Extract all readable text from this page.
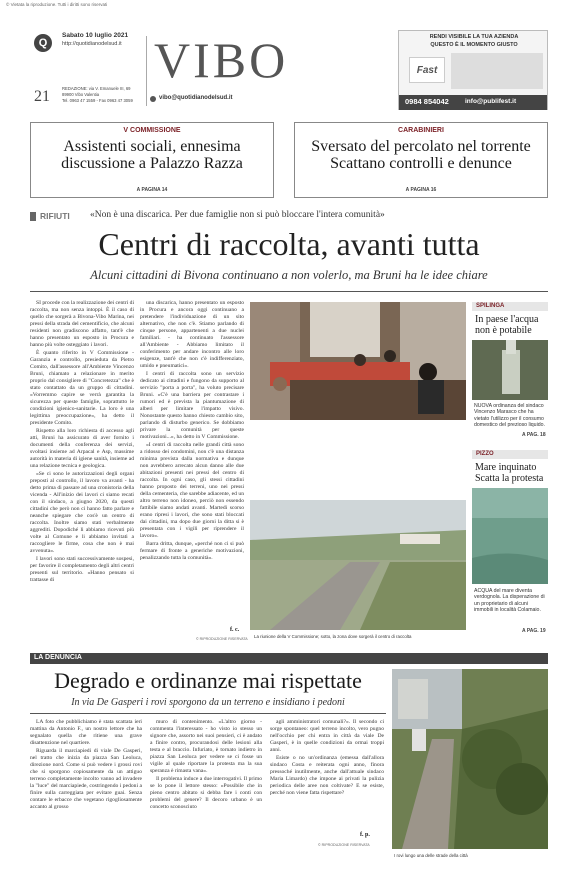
© Vietata la riproduzione. Tutti i diritti sono riservati
Q
Sabato 10 luglio 2021
http://quotidianodelsud.it VIBO
21	REDAZIONE: via V. Emanuele III, 69
89900 Vibo Valentia
Tel. 0963 47 1559 - Fax 0963 47 3059	vibo@quotidianodelsud.it
RENDI VISIBILE LA TUA AZIENDA
QUESTO È IL MOMENTO GIUSTO
Fast
0984 854042 info@publifest.it
V COMMISSIONE
Assistenti sociali, ennesima
discussione a Palazzo Razza
A PAGINA 14
CARABINIERI
Sversato del percolato nel torrente
Scattano controlli e denunce
A PAGINA 16
RIFIUTI «Non è una discarica. Per due famiglie non si può bloccare l'intera comunità»
Centri di raccolta, avanti tutta
Alcuni cittadini di Bivona continuano a non volerlo, ma Bruni ha le idee chiare

SI procede con la realizzazione dei centri di raccolta, ma non senza intoppi. È il caso di quello che sorgerà a Bivona-Vibo Marina, nei pressi della strada del cementificio, che alcuni residenti non gradiscono affatto, tant'è che hanno presentato un esposto in Procura e hanno più volte osteggiato i lavori.

È quanto riferito in V Commissione - Garanzia e controllo, presieduta da Pietro Comito, dall'assessore all'Ambiente Vincenzo Bruni, chiamato a relazionare in merito proprio dal consigliere di "Concretezza" che è stato contattato da un gruppo di cittadini. «Vorremmo capire se verrà garantita la sicurezza per queste famiglie, soprattutto le condizioni igienico-sanitarie. La loro è una legittima preoccupazione», ha detto il presidente Comito.

Rispetto alla loro richiesta di accesso agli atti, Bruni ha assicurato di aver fornito i documenti della conferenza dei servizi, svoltasi insieme ad Arpacal e Asp, massime autorità in materia di igiene sanità, insieme ad una relazione tecnica e geologica.

«Se ci sono le autorizzazioni degli organi preposti al controllo, il lavoro va avanti - ha detto prima di passare ad una cronistoria della vicenda - All'inizio dei lavori ci siamo recati con il sindaco, a giugno 2020, da questi cittadini che però non ci hanno fatto parlare e neanche spiegare che cos'è un centro di raccolta. Inoltre siamo stati verbalmente aggrediti. Dopodiché li abbiamo ricevuti più volte al Comune e li abbiamo invitati a raccogliere le firme, cosa che non è mai avvenuta».

I lavori sono stati successivamente sospesi, per favorire il completamento degli altri centri presenti sul territorio. «Hanno pensato si trattasse di

una discarica, hanno presentato un esposto in Procura e ancora oggi continuano a pretendere l'individuazione di un sito alternativo, che non c'è. Stiamo parlando di cinque persone, appartenenti a due nuclei familiari. - ha continuato l'assessore all'Ambiente - Abbiamo limitato il conferimento per andare incontro alle loro esigenze, tant'è che non c'è indifferenziato, umido e pneumatici».

I centri di raccolta sono un servizio dedicato ai cittadini e fungono da supporto al servizio "porta a porta", ha voluto precisare Bruni. «C'è una barriera per contrastare i rumori ed è prevista la piantumazione di alberi per limitare l'impatto visivo. Nonostante questo hanno chiesto cambio sito, parlando di disturbo generico. Se dobbiamo privare la comunità per queste motivazioni...», ha detto in V Commissione.

«I centri di raccolta nelle grandi città sono a ridosso dei condomini, non c'è una distanza minima prevista dalla normativa e dunque non avrebbero arrecato alcun danno alle due abitazioni presenti nei pressi del centro di raccolta. In ogni caso, gli stessi cittadini hanno proposto dei terreni, uno nei pressi della cementeria, che sarebbe adiacente, ed un altro terreno non idoneo, perciò non essendo fattibile siamo andati avanti. Martedì scorso erano ripresi i lavori, che sono stati bloccati dai cittadini, ma dopo due giorni la ditta si è presentata con i vigili per riprendere il lavoro».

Barra dritta, dunque, «perché non ci si può fermare di fronte a generiche motivazioni, penalizzando tutta la comunità».

f. c.
© RIPRODUZIONE RISERVATA La riunione della V Commissione; sotto, la zona dove sorgerà il centro di raccolta
SPILINGA
In paese l'acqua
non è potabile
NUOVA ordinanza del sindaco Vincenzo Marasco che ha vietato l'utilizzo per il consumo domestico del prezioso liquido.
A PAG. 18
PIZZO
Mare inquinato
Scatta la protesta
ACQUA del mare diventa verdognola. La disperazione di un proprietario di alcuni immobili in località Colamaio.
A PAG. 19
LA DENUNCIA
Degrado e ordinanze mai rispettate
In via De Gasperi i rovi sporgono da un terreno e insidiano i pedoni

LA foto che pubblichiamo è stata scattata ieri mattina da Antonio F., un nostro lettore che ha segnalato quella che ritiene una grave disattenzione nel quartiere.

Riguarda il marciapiedi di viale De Gasperi, nel tratto che inizia da piazza San Leoluca, direzione nord. Come si può vedere i grossi rovi che si sporgono copiosamente da un attiguo terreno completamente incolto vanno ad invadere la "luce" del marciapiede, costringendo i pedoni a finire sulla carreggiata per evitare guai. Senza contare le erbacce che vegetano rigogliosamente accanto al grosso

muro di contenimento. «L'altro giorno - commenta l'interessato - ho visto io stesso un signore che, assorto nei suoi pensieri, ci è andato a finire contro, procurandosi delle lesioni alla testa e al braccio. Infuriato, è tornato indietro in piazza San Leoluca per vedere se ci fosse un vigile al quale riportare la protesta ma la sua speranza è rimasta vana».

Il problema induce a due interrogativi. Il primo se lo pone il lettore stesso: «Possibile che in pieno centro abitato si debba fare i conti con problemi del genere? Il decoro urbano è un concetto sconosciuto

agli amministratori comunali?». Il secondo ci sorge spontaneo: quel terreno incolto, vero pugno nell'occhio per chi entra in città da viale De Gasperi, è in quelle condizioni da ormai troppi anni.

Esiste o no un'ordinanza (emessa dall'allora sindaco Costa e reiterata ogni anno, finora pressoché inutilmente, anche dall'attuale sindaco Maria Limardo) che impone ai privati la pulizia periodica delle aree non coltivate? E se esiste, perché non viene fatta rispettare?

f. p.
© RIPRODUZIONE RISERVATA
I rovi lungo una delle strade della città
